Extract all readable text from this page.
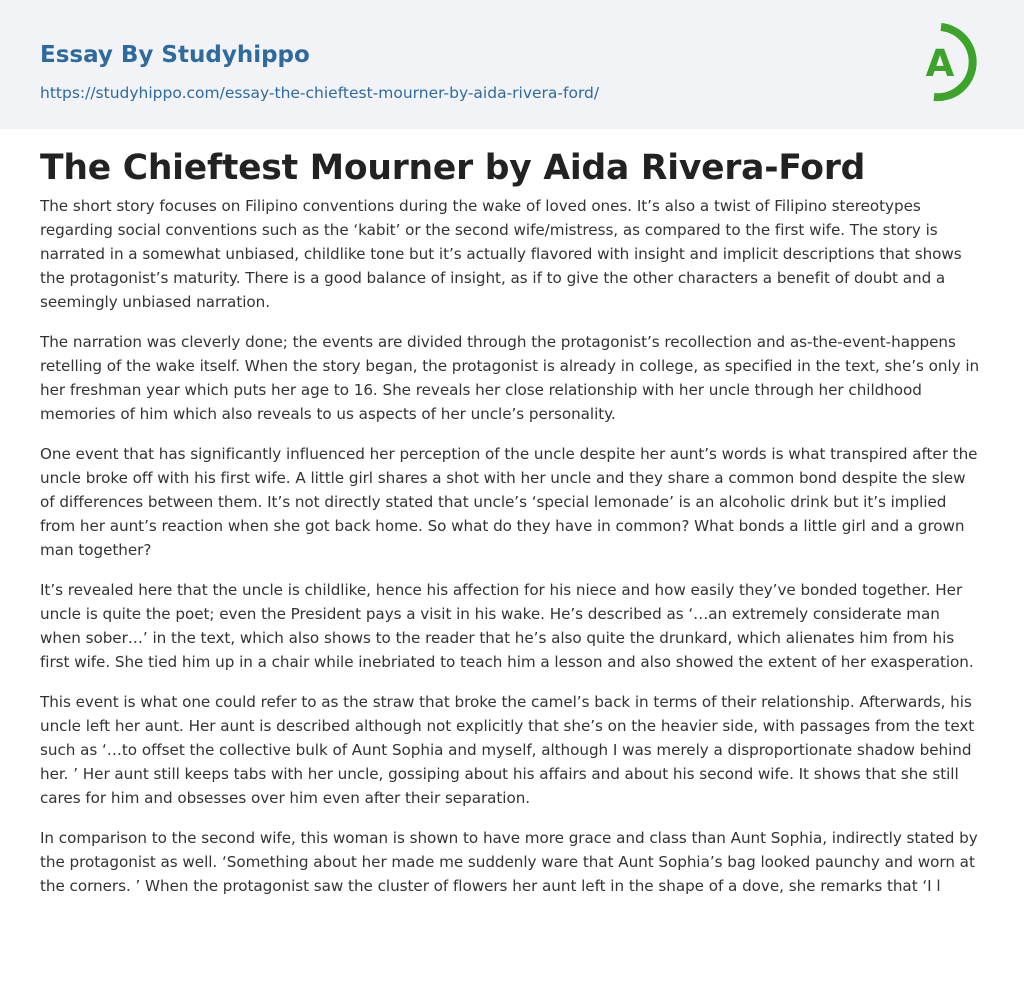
Essay By Studyhippo
https://studyhippo.com/essay-the-chieftest-mourner-by-aida-rivera-ford/
A
The Chieftest Mourner by Aida Rivera-Ford

The short story focuses on Filipino conventions during the wake of loved ones. It’s also a twist of Filipino stereotypes regarding social conventions such as the ‘kabit’ or the second wife/mistress, as compared to the first wife. The story is narrated in a somewhat unbiased, childlike tone but it’s actually flavored with insight and implicit descriptions that shows the protagonist’s maturity. There is a good balance of insight, as if to give the other characters a benefit of doubt and a seemingly unbiased narration.

The narration was cleverly done; the events are divided through the protagonist’s recollection and as-the-event-happens retelling of the wake itself. When the story began, the protagonist is already in college, as specified in the text, she’s only in her freshman year which puts her age to 16. She reveals her close relationship with her uncle through her childhood memories of him which also reveals to us aspects of her uncle’s personality.

One event that has significantly influenced her perception of the uncle despite her aunt’s words is what transpired after the uncle broke off with his first wife. A little girl shares a shot with her uncle and they share a common bond despite the slew of differences between them. It’s not directly stated that uncle’s ‘special lemonade’ is an alcoholic drink but it’s implied from her aunt’s reaction when she got back home. So what do they have in common? What bonds a little girl and a grown man together?

It’s revealed here that the uncle is childlike, hence his affection for his niece and how easily they’ve bonded together. Her uncle is quite the poet; even the President pays a visit in his wake. He’s described as ‘…an extremely considerate man when sober…’ in the text, which also shows to the reader that he’s also quite the drunkard, which alienates him from his first wife. She tied him up in a chair while inebriated to teach him a lesson and also showed the extent of her exasperation.

This event is what one could refer to as the straw that broke the camel’s back in terms of their relationship. Afterwards, his uncle left her aunt. Her aunt is described although not explicitly that she’s on the heavier side, with passages from the text such as ‘…to offset the collective bulk of Aunt Sophia and myself, although I was merely a disproportionate shadow behind her. ’ Her aunt still keeps tabs with her uncle, gossiping about his affairs and about his second wife. It shows that she still cares for him and obsesses over him even after their separation.

In comparison to the second wife, this woman is shown to have more grace and class than Aunt Sophia, indirectly stated by the protagonist as well. ‘Something about her made me suddenly ware that Aunt Sophia’s bag looked paunchy and worn at the corners. ’ When the protagonist saw the cluster of flowers her aunt left in the shape of a dove, she remarks that ‘I l
